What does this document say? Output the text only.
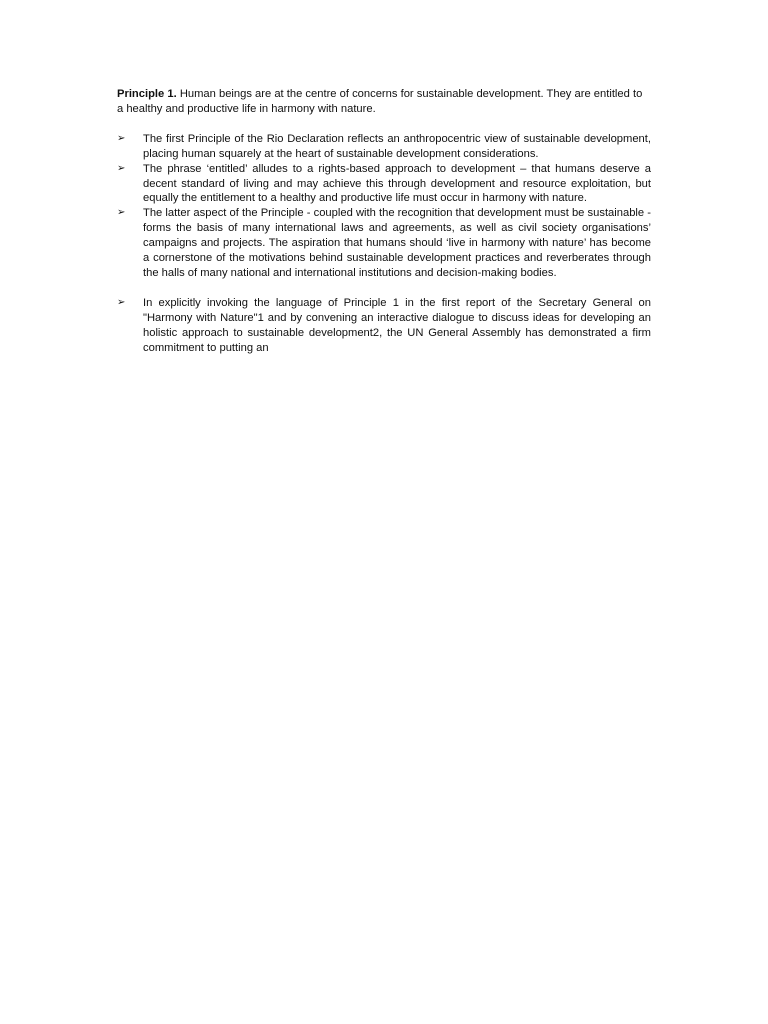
Principle 1. Human beings are at the centre of concerns for sustainable development. They are entitled to a healthy and productive life in harmony with nature.

➢ The first Principle of the Rio Declaration reflects an anthropocentric view of sustainable development, placing human squarely at the heart of sustainable development considerations.
➢ The phrase ‘entitled’ alludes to a rights-based approach to development – that humans deserve a decent standard of living and may achieve this through development and resource exploitation, but equally the entitlement to a healthy and productive life must occur in harmony with nature.
➢ The latter aspect of the Principle - coupled with the recognition that development must be sustainable - forms the basis of many international laws and agreements, as well as civil society organisations’ campaigns and projects. The aspiration that humans should ‘live in harmony with nature’ has become a cornerstone of the motivations behind sustainable development practices and reverberates through the halls of many national and international institutions and decision-making bodies.
➢ In explicitly invoking the language of Principle 1 in the first report of the Secretary General on "Harmony with Nature"1 and by convening an interactive dialogue to discuss ideas for developing an holistic approach to sustainable development2, the UN General Assembly has demonstrated a firm commitment to putting an
